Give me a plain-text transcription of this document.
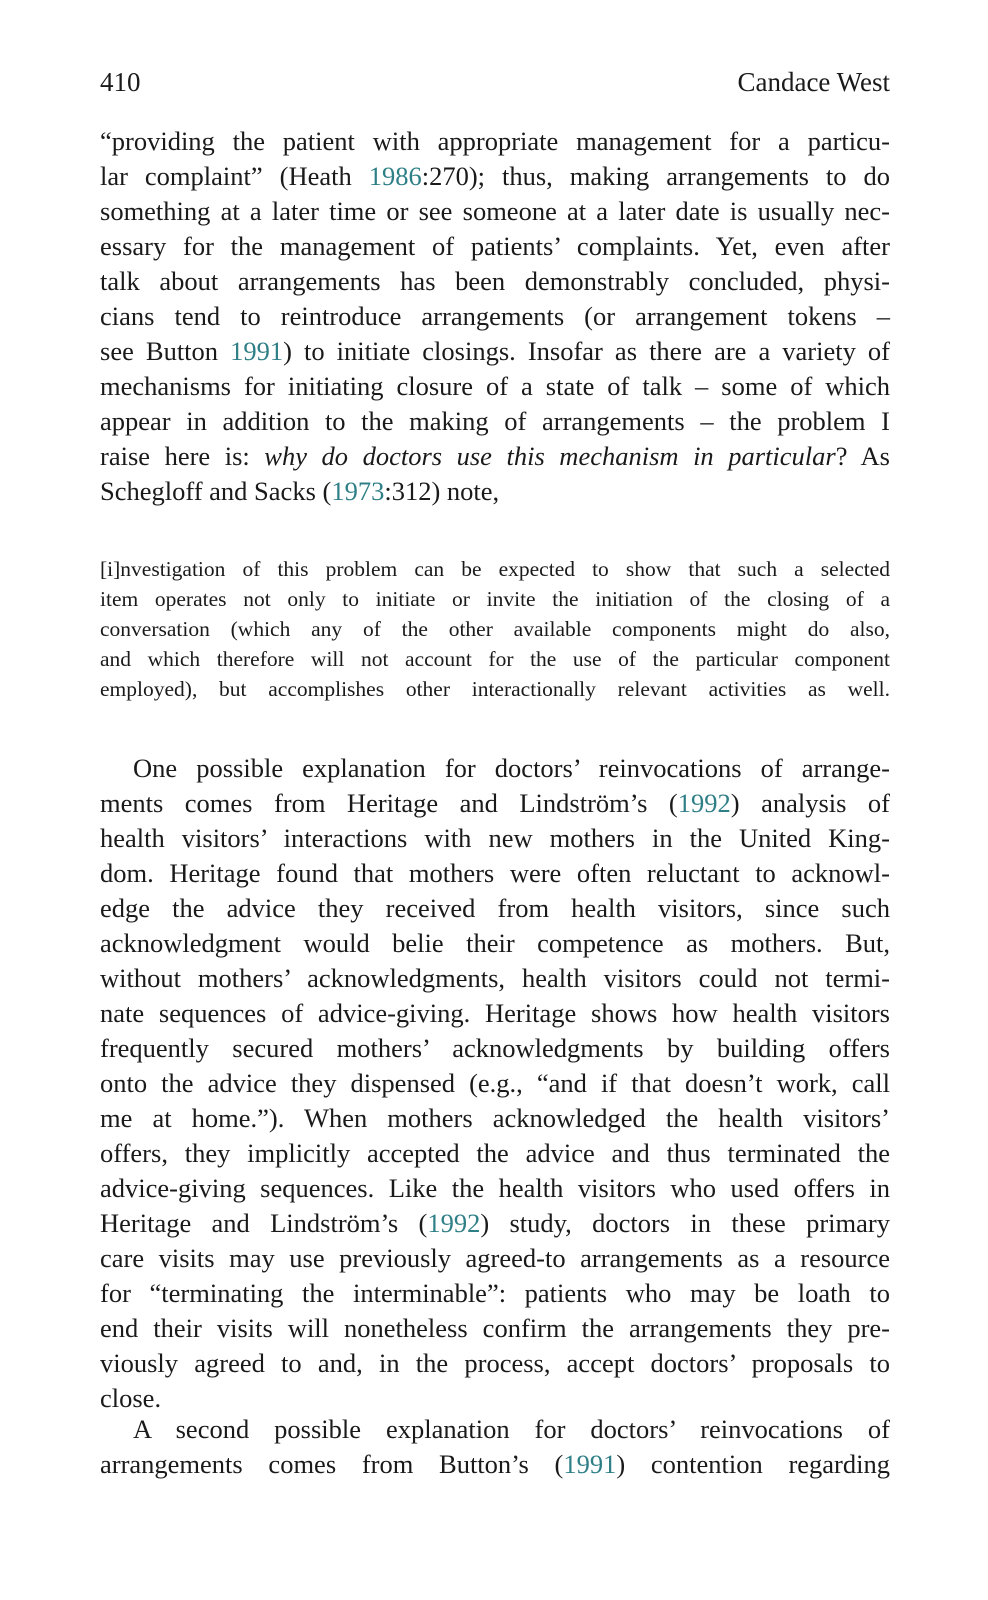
410	Candace West
“providing the patient with appropriate management for a particu-
lar complaint” (Heath 1986:270); thus, making arrangements to do
something at a later time or see someone at a later date is usually nec-
essary for the management of patients’ complaints. Yet, even after
talk about arrangements has been demonstrably concluded, physi-
cians tend to reintroduce arrangements (or arrangement tokens –
see Button 1991) to initiate closings. Insofar as there are a variety of
mechanisms for initiating closure of a state of talk – some of which
appear in addition to the making of arrangements – the problem I
raise here is: why do doctors use this mechanism in particular? As
Schegloff and Sacks (1973:312) note,
[i]nvestigation of this problem can be expected to show that such a selected
item operates not only to initiate or invite the initiation of the closing of a
conversation (which any of the other available components might do also,
and which therefore will not account for the use of the particular component
employed), but accomplishes other interactionally relevant activities as well.
One possible explanation for doctors’ reinvocations of arrange-
ments comes from Heritage and Lindström’s (1992) analysis of
health visitors’ interactions with new mothers in the United King-
dom. Heritage found that mothers were often reluctant to acknowl-
edge the advice they received from health visitors, since such
acknowledgment would belie their competence as mothers. But,
without mothers’ acknowledgments, health visitors could not termi-
nate sequences of advice-giving. Heritage shows how health visitors
frequently secured mothers’ acknowledgments by building offers
onto the advice they dispensed (e.g., “and if that doesn’t work, call
me at home.”). When mothers acknowledged the health visitors’
offers, they implicitly accepted the advice and thus terminated the
advice-giving sequences. Like the health visitors who used offers in
Heritage and Lindström’s (1992) study, doctors in these primary
care visits may use previously agreed-to arrangements as a resource
for “terminating the interminable”: patients who may be loath to
end their visits will nonetheless confirm the arrangements they pre-
viously agreed to and, in the process, accept doctors’ proposals to
close.
A second possible explanation for doctors’ reinvocations of
arrangements comes from Button’s (1991) contention regarding
